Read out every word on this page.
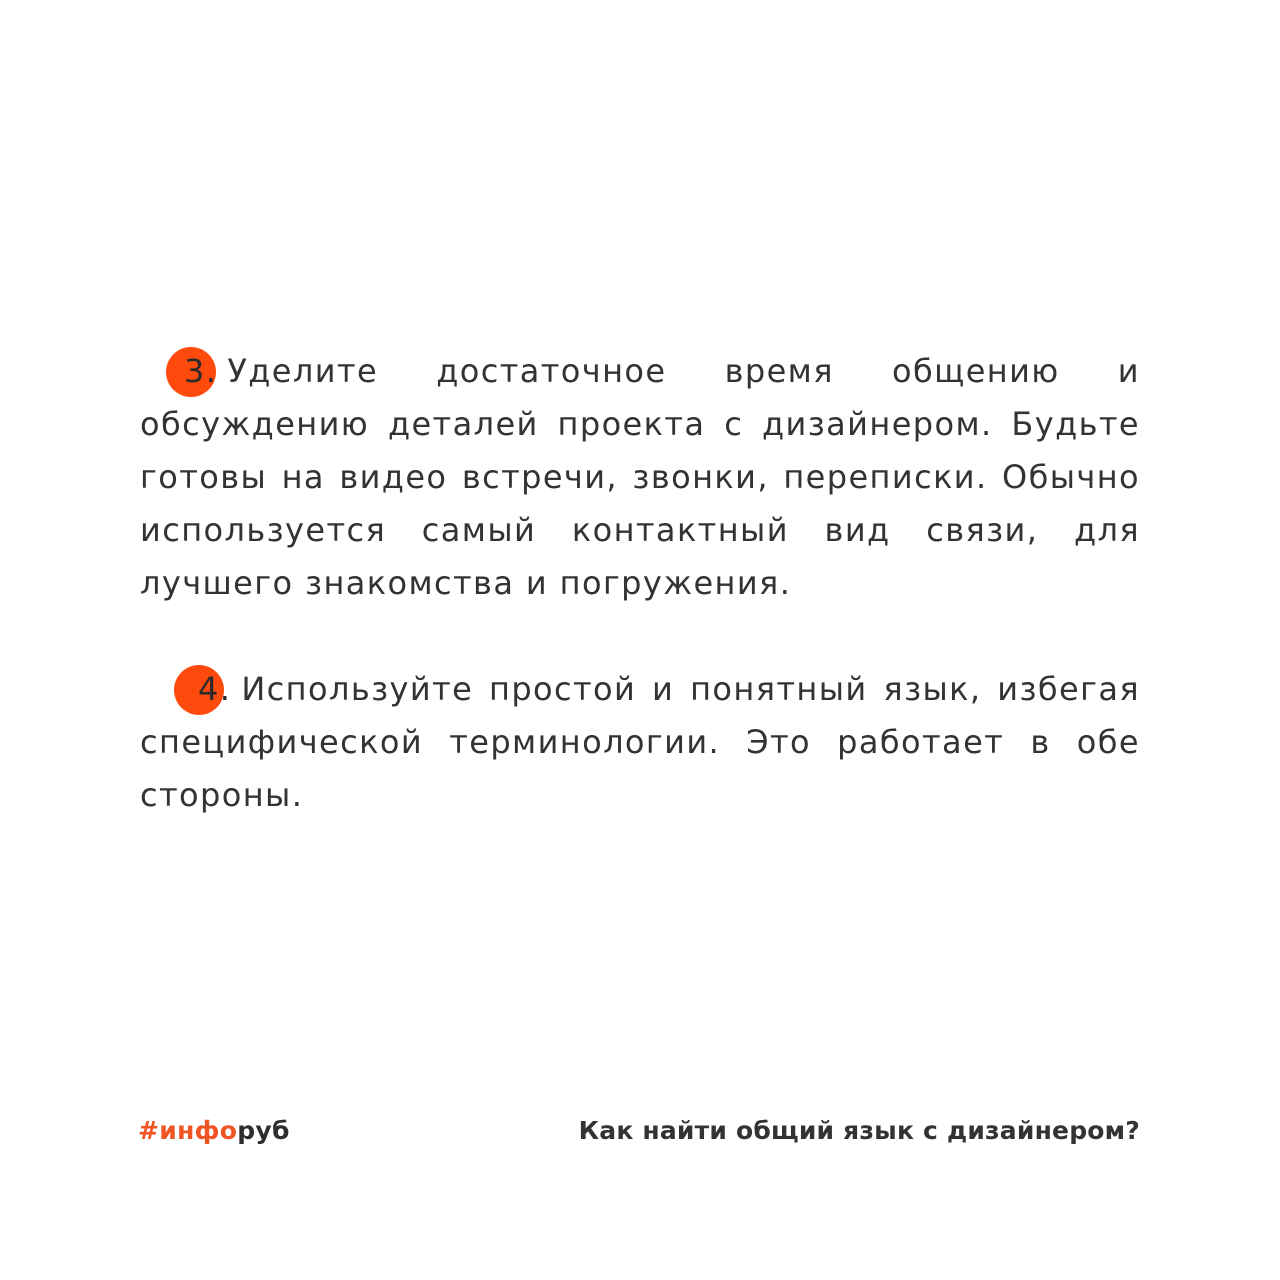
3. Уделите достаточное время общению и обсуждению деталей проекта с дизайнером. Будьте готовы на видео встречи, звонки, переписки. Обычно используется самый контактный вид связи, для лучшего знакомства и погружения.

4. Используйте простой и понятный язык, избегая специфической терминологии. Это работает в обе стороны.

#инфоруб	Как найти общий язык с дизайнером?
